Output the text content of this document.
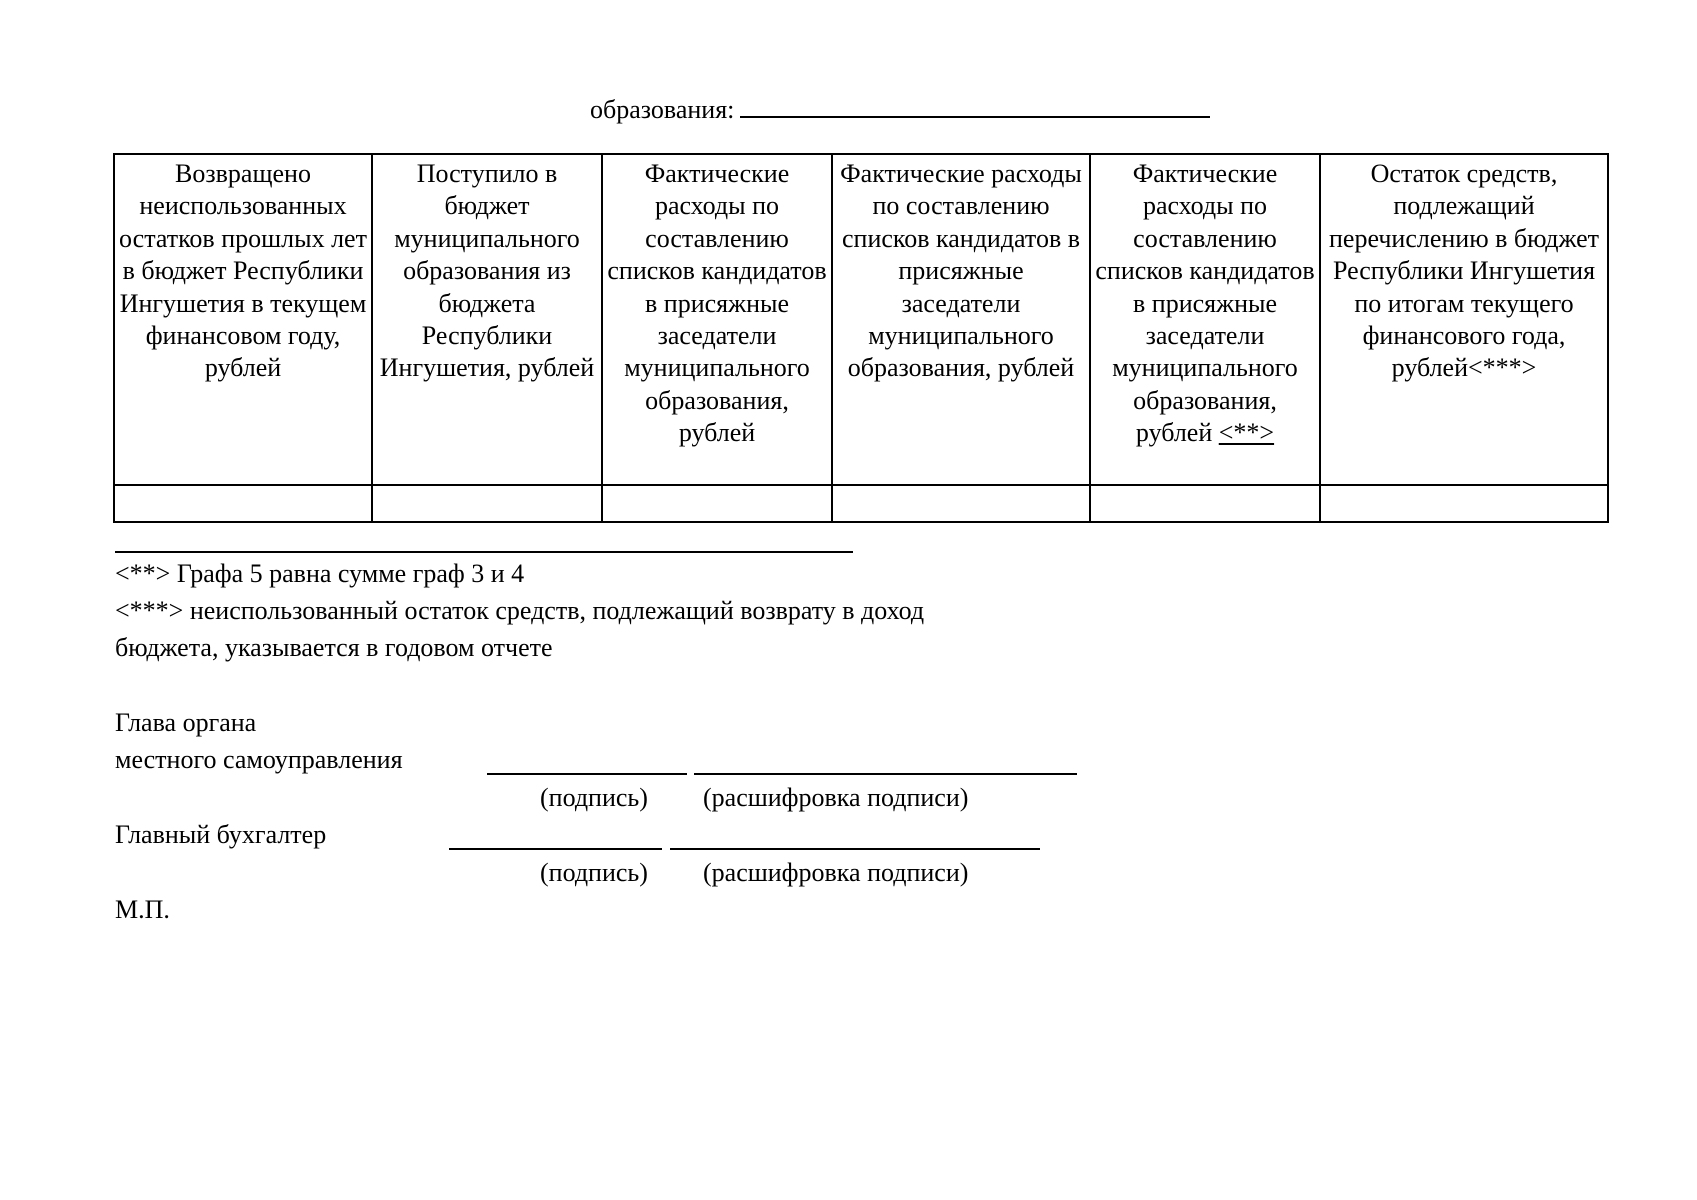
образования:
Возвращено неиспользованных остатков прошлых лет в бюджет Республики Ингушетия в текущем финансовом году, рублей	Поступило в бюджет муниципального образования из бюджета Республики Ингушетия, рублей	Фактические расходы по составлению списков кандидатов в присяжные заседатели муниципального образования, рублей	Фактические расходы по составлению списков кандидатов в присяжные заседатели муниципального образования, рублей	Фактические расходы по составлению списков кандидатов в присяжные заседатели муниципального образования, рублей <**>	Остаток средств, подлежащий перечислению в бюджет Республики Ингушетия по итогам текущего финансового года, рублей<***>

<**> Графа 5 равна сумме граф 3 и 4
<***> неиспользованный остаток средств, подлежащий возврату в доход
бюджета, указывается в годовом отчете
Глава органа
местного самоуправления
(подпись) (расшифровка подписи)
Главный бухгалтер
(подпись) (расшифровка подписи)
М.П.
